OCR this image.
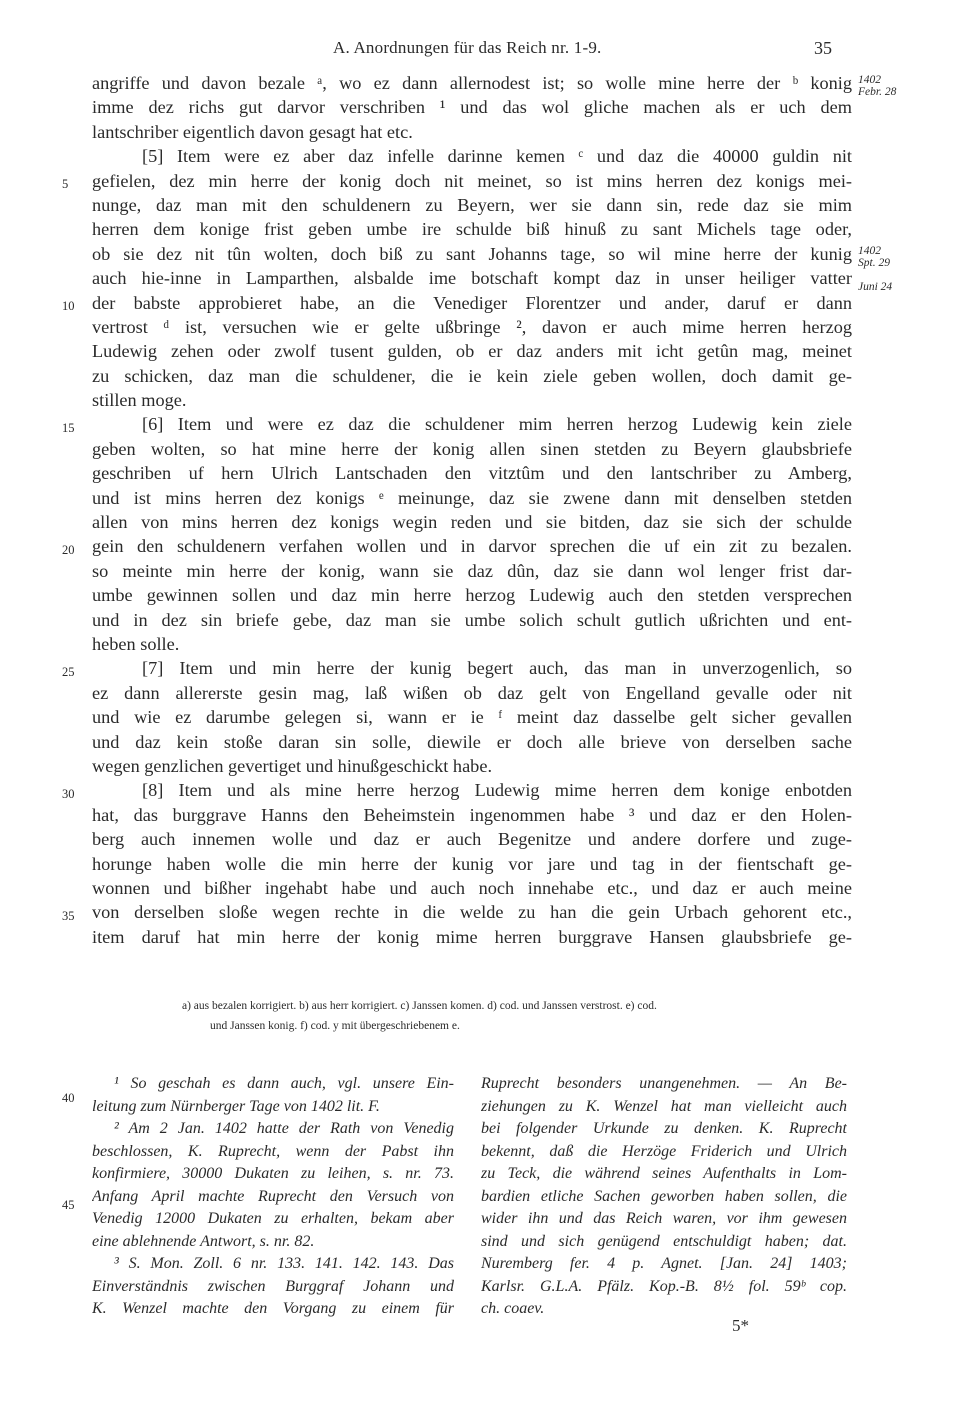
A. Anordnungen für das Reich nr. 1-9.	35
angriffe und davon bezale ᵃ, wo ez dann allernodest ist; so wolle mine herre der ᵇ konig
imme dez richs gut darvor verschriben ¹ und das wol gliche machen als er uch dem
lantschriber eigentlich davon gesagt hat etc.
[5] Item were ez aber daz infelle darinne kemen ᶜ und daz die 40000 guldin nit
gefielen, dez min herre der konig doch nit meinet, so ist mins herren dez konigs mei-
nunge, daz man mit den schuldenern zu Beyern, wer sie dann sin, rede daz sie mim
herren dem konige frist geben umbe ire schulde biß hinuß zu sant Michels tage oder,
ob sie dez nit tûn wolten, doch biß zu sant Johanns tage, so wil mine herre der kunig
auch hie-inne in Lamparthen, alsbalde ime botschaft kompt daz in unser heiliger vatter
der babste approbieret habe, an die Venediger Florentzer und ander, daruf er dann
vertrost ᵈ ist, versuchen wie er gelte ußbringe ², davon er auch mime herren herzog
Ludewig zehen oder zwolf tusent gulden, ob er daz anders mit icht getûn mag, meinet
zu schicken, daz man die schuldener, die ie kein ziele geben wollen, doch damit ge-
stillen moge.
[6] Item und were ez daz die schuldener mim herren herzog Ludewig kein ziele
geben wolten, so hat mine herre der konig allen sinen stetden zu Beyern glaubsbriefe
geschriben uf hern Ulrich Lantschaden den vitztûm und den lantschriber zu Amberg,
und ist mins herren dez konigs ᵉ meinunge, daz sie zwene dann mit denselben stetden
allen von mins herren dez konigs wegin reden und sie bitden, daz sie sich der schulde
gein den schuldenern verfahen wollen und in darvor sprechen die uf ein zit zu bezalen.
so meinte min herre der konig, wann sie daz dûn, daz sie dann wol lenger frist dar-
umbe gewinnen sollen und daz min herre herzog Ludewig auch den stetden versprechen
und in dez sin briefe gebe, daz man sie umbe solich schult gutlich ußrichten und ent-
heben solle.
[7] Item und min herre der kunig begert auch, das man in unverzogenlich, so
ez dann allererste gesin mag, laß wißen ob daz gelt von Engelland gevalle oder nit
und wie ez darumbe gelegen si, wann er ie ᶠ meint daz dasselbe gelt sicher gevallen
und daz kein stoße daran sin solle, diewile er doch alle brieve von derselben sache
wegen genzlichen gevertiget und hinußgeschickt habe.
[8] Item und als mine herre herzog Ludewig mime herren dem konige enbotden
hat, das burggrave Hanns den Beheimstein ingenommen habe ³ und daz er den Holen-
berg auch innemen wolle und daz er auch Begenitze und andere dorfere und zuge-
horunge haben wolle die min herre der kunig vor jare und tag in der fientschaft ge-
wonnen und bißher ingehabt habe und auch noch innehabe etc., und daz er auch meine
von derselben sloße wegen rechte in die welde zu han die gein Urbach gehorent etc.,
item daruf hat min herre der konig mime herren burggrave Hansen glaubsbriefe ge-
5
10
15
20
25
30
35
1402
Febr. 28
1402
Spt. 29
Juni 24
a) aus bezalen korrigiert. b) aus herr korrigiert. c) Janssen komen. d) cod. und Janssen verstrost. e) cod.
und Janssen konig. f) cod. y mit übergeschriebenem e.
¹ So geschah es dann auch, vgl. unsere Ein-
leitung zum Nürnberger Tage von 1402 lit. F.
² Am 2 Jan. 1402 hatte der Rath von Venedig
beschlossen, K. Ruprecht, wenn der Pabst ihn
konfirmiere, 30000 Dukaten zu leihen, s. nr. 73.
Anfang April machte Ruprecht den Versuch von
Venedig 12000 Dukaten zu erhalten, bekam aber
eine ablehnende Antwort, s. nr. 82.
³ S. Mon. Zoll. 6 nr. 133. 141. 142. 143. Das
Einverständnis zwischen Burggraf Johann und
K. Wenzel machte den Vorgang zu einem für
Ruprecht besonders unangenehmen. — An Be-
ziehungen zu K. Wenzel hat man vielleicht auch
bei folgender Urkunde zu denken. K. Ruprecht
bekennt, daß die Herzöge Friderich und Ulrich
zu Teck, die während seines Aufenthalts in Lom-
bardien etliche Sachen geworben haben sollen, die
wider ihn und das Reich waren, vor ihm gewesen
sind und sich genügend entschuldigt haben; dat.
Nuremberg fer. 4 p. Agnet. [Jan. 24] 1403;
Karlsr. G.L.A. Pfälz. Kop.-B. 8½ fol. 59ᵇ cop.
ch. coaev.
40
45
5*
